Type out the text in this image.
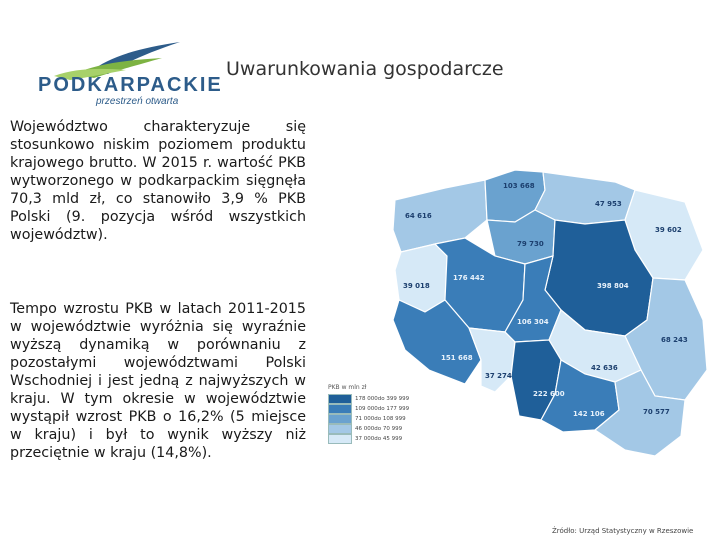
PODKARPACKIE
przestrzeń otwarta
Uwarunkowania gospodarcze

Województwo charakteryzuje się stosunkowo niskim poziomem produktu krajowego brutto. W 2015 r. wartość PKB wytworzonego w podkarpackim sięgnęła 70,3 mld zł, co stanowiło 3,9 % PKB Polski (9. pozycja wśród wszystkich województw).

Tempo wzrostu PKB w latach 2011-2015 w województwie wyróżnia się wyraźnie wyższą dynamiką w porównaniu z pozostałymi województwami Polski Wschodniej i jest jedną z najwyższych w kraju. W tym okresie w województwie wystąpił wzrost PKB o 16,2% (5 miejsce w kraju) i był to wynik wyższy niż przeciętnie w kraju (14,8%).

103 668
47 953
64 616
79 730
39 602
39 018
176 442
398 804
106 304
151 668
68 243
37 274
42 636
222 600
142 106	70 577
PKB w mln zł
178 000do 399 999
109 000do 177 999
71 000do 108 999
46 000do 70 999
37 000do 45 999
Źródło: Urząd Statystyczny w Rzeszowie
